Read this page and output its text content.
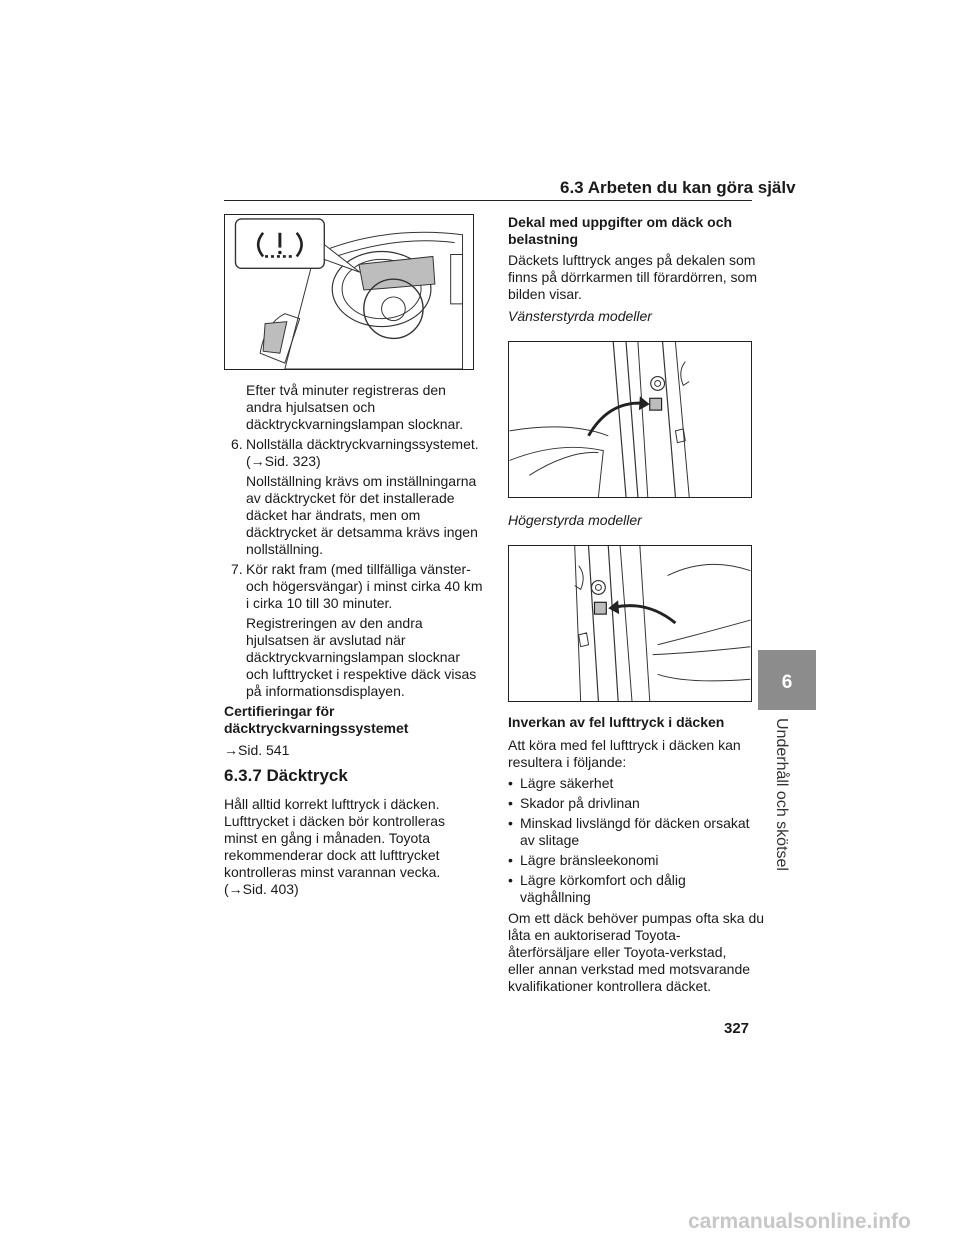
6.3 Arbeten du kan göra själv
6
Underhåll och skötsel
Efter två minuter registreras den
andra hjulsatsen och
däcktryckvarningslampan slocknar.
6. Nollställa däcktryckvarningssystemet.
(→Sid. 323)
Nollställning krävs om inställningarna
av däcktrycket för det installerade
däcket har ändrats, men om
däcktrycket är detsamma krävs ingen
nollställning.
7. Kör rakt fram (med tillfälliga vänster-
och högersvängar) i minst cirka 40 km
i cirka 10 till 30 minuter.
Registreringen av den andra
hjulsatsen är avslutad när
däcktryckvarningslampan slocknar
och lufttrycket i respektive däck visas
på informationsdisplayen.
Certifieringar för
däcktryckvarningssystemet
→Sid. 541
6.3.7 Däcktryck
Håll alltid korrekt lufttryck i däcken.
Lufttrycket i däcken bör kontrolleras
minst en gång i månaden. Toyota
rekommenderar dock att lufttrycket
kontrolleras minst varannan vecka.
(→Sid. 403)
Dekal med uppgifter om däck och
belastning
Däckets lufttryck anges på dekalen som
finns på dörrkarmen till förardörren, som
bilden visar.
Vänsterstyrda modeller
Högerstyrda modeller
Inverkan av fel lufttryck i däcken
Att köra med fel lufttryck i däcken kan
resultera i följande:
• Lägre säkerhet
• Skador på drivlinan
• Minskad livslängd för däcken orsakat
av slitage
• Lägre bränsleekonomi
• Lägre körkomfort och dålig
väghållning
Om ett däck behöver pumpas ofta ska du
låta en auktoriserad Toyota-
återförsäljare eller Toyota-verkstad,
eller annan verkstad med motsvarande
kvalifikationer kontrollera däcket.
327
carmanualsonline.info
